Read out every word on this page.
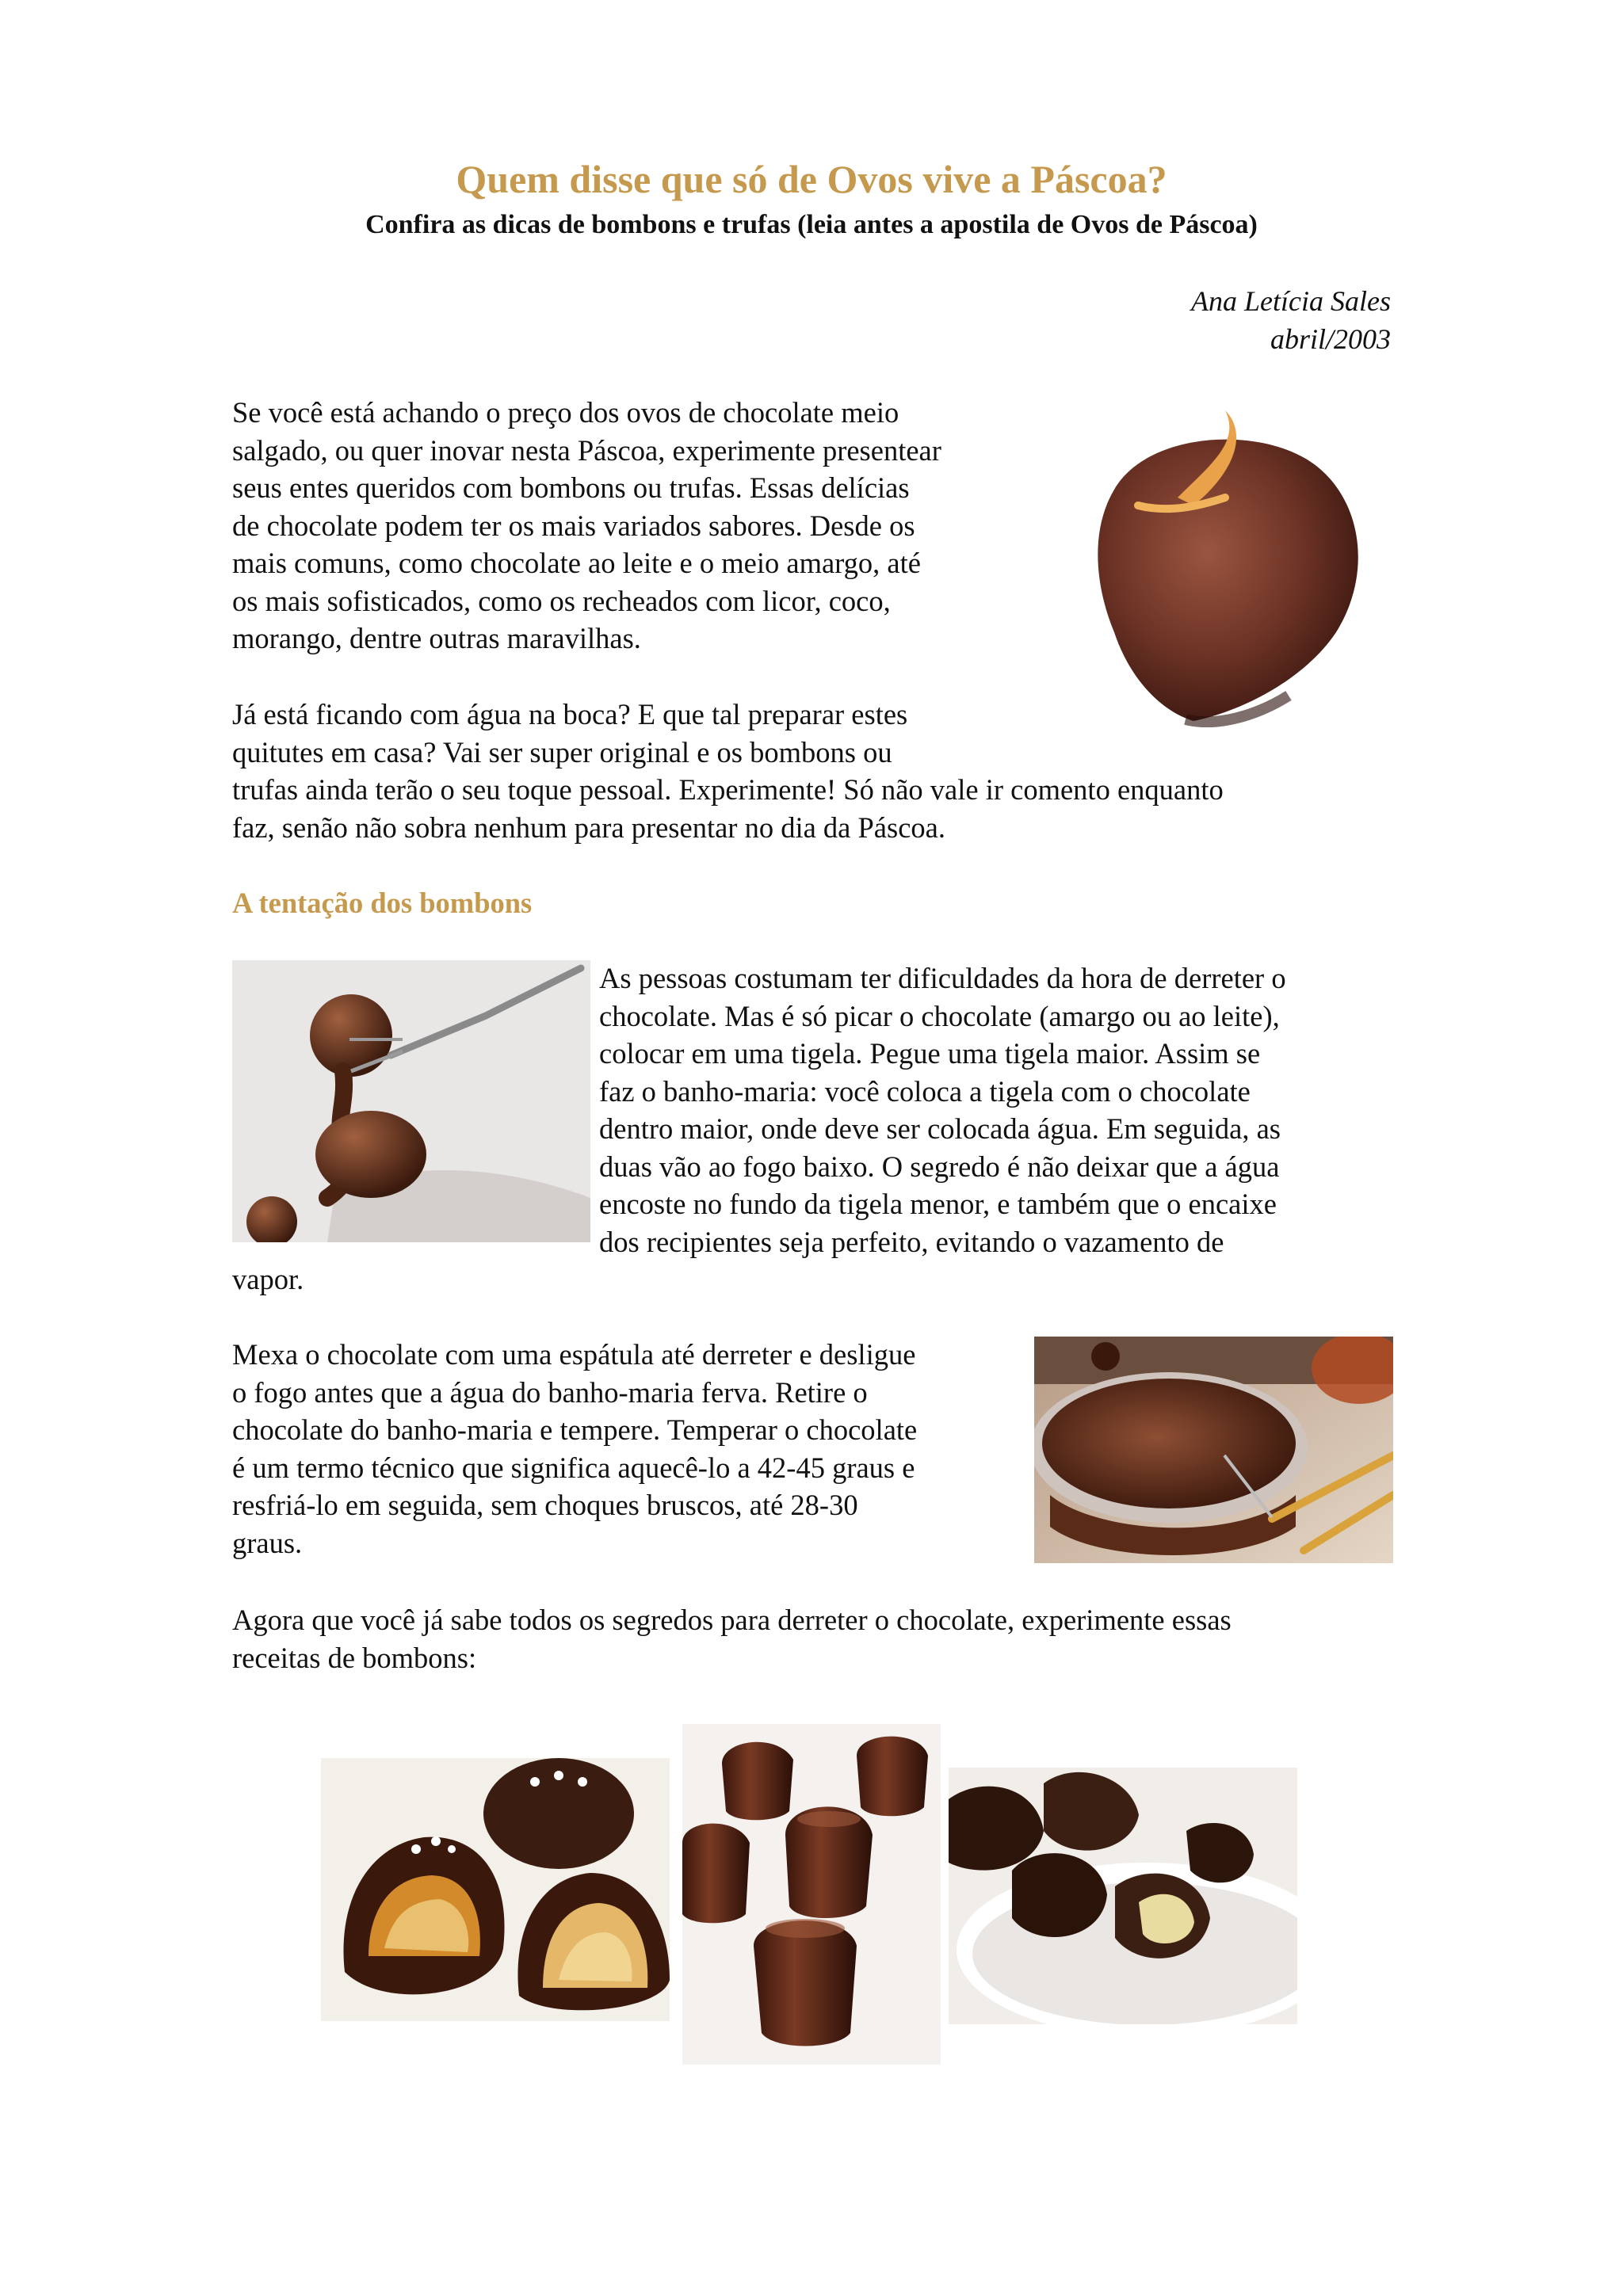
Quem disse que só de Ovos vive a Páscoa?
Confira as dicas de bombons e trufas (leia antes a apostila de Ovos de Páscoa)
Ana Letícia Sales
abril/2003
Se você está achando o preço dos ovos de chocolate meio
salgado, ou quer inovar nesta Páscoa, experimente presentear
seus entes queridos com bombons ou trufas. Essas delícias
de chocolate podem ter os mais variados sabores. Desde os
mais comuns, como chocolate ao leite e o meio amargo, até
os mais sofisticados, como os recheados com licor, coco,
morango, dentre outras maravilhas.
Já está ficando com água na boca? E que tal preparar estes
quitutes em casa? Vai ser super original e os bombons ou
trufas ainda terão o seu toque pessoal. Experimente! Só não vale ir comento enquanto
faz, senão não sobra nenhum para presentar no dia da Páscoa.
A tentação dos bombons
As pessoas costumam ter dificuldades da hora de derreter o
chocolate. Mas é só picar o chocolate (amargo ou ao leite),
colocar em uma tigela. Pegue uma tigela maior. Assim se
faz o banho-maria: você coloca a tigela com o chocolate
dentro maior, onde deve ser colocada água. Em seguida, as
duas vão ao fogo baixo. O segredo é não deixar que a água
encoste no fundo da tigela menor, e também que o encaixe
dos recipientes seja perfeito, evitando o vazamento de
vapor.
Mexa o chocolate com uma espátula até derreter e desligue
o fogo antes que a água do banho-maria ferva. Retire o
chocolate do banho-maria e tempere. Temperar o chocolate
é um termo técnico que significa aquecê-lo a 42-45 graus e
resfriá-lo em seguida, sem choques bruscos, até 28-30
graus.
Agora que você já sabe todos os segredos para derreter o chocolate, experimente essas
receitas de bombons:
